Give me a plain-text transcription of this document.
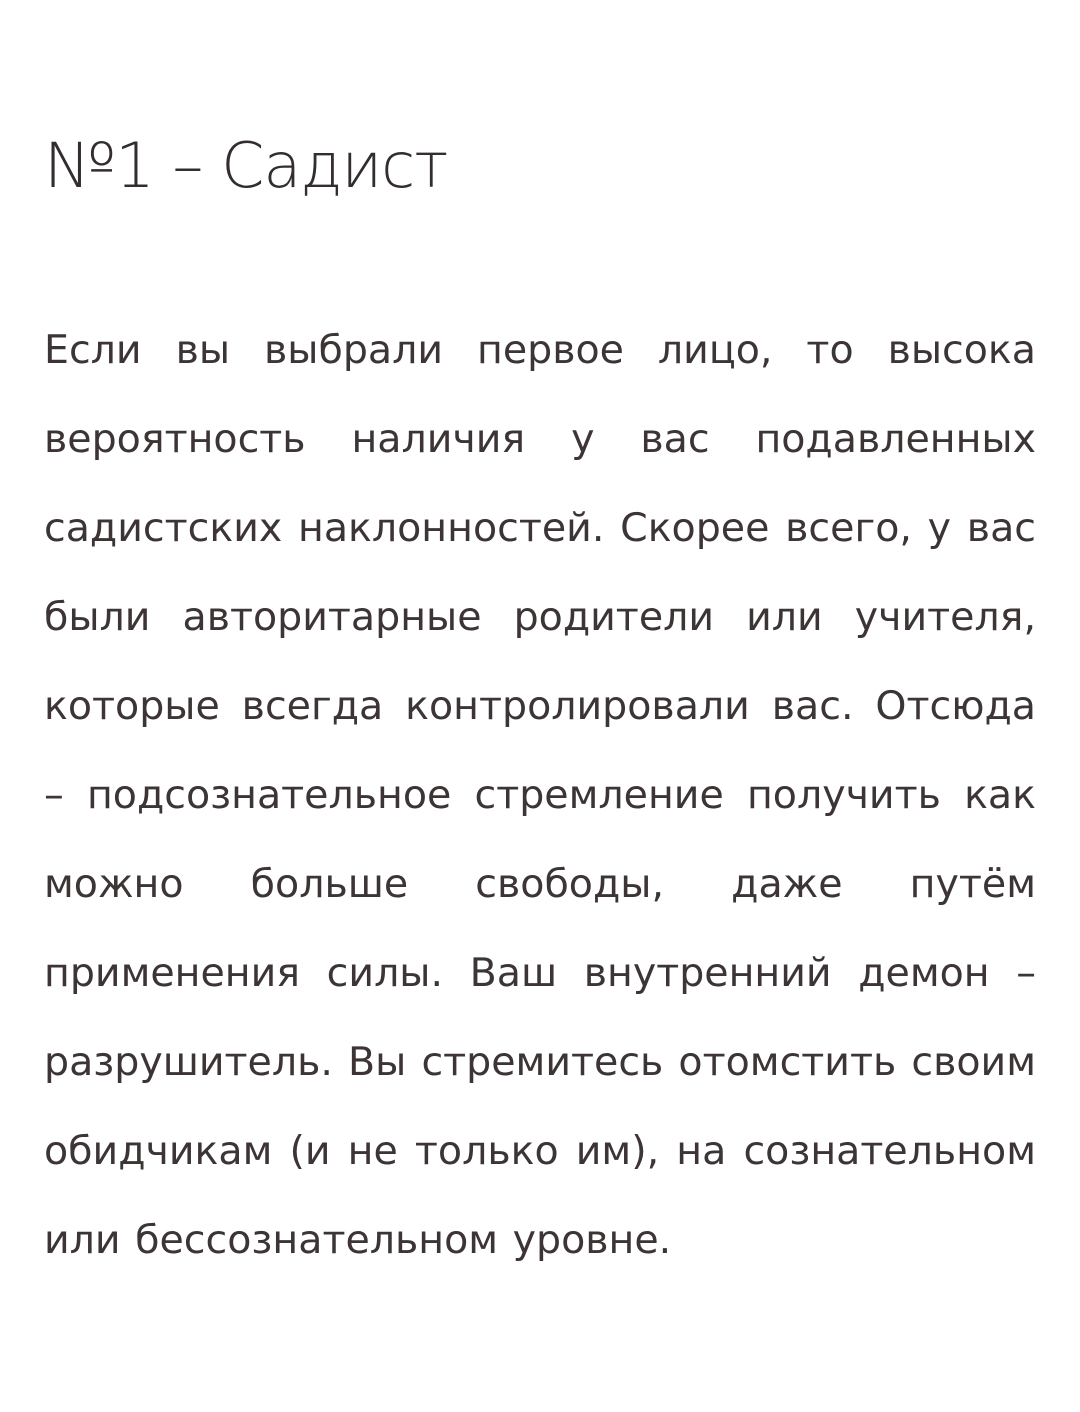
№1 – Садист

Если вы выбрали первое лицо, то высока вероятность наличия у вас подавленных садистских наклонностей. Скорее всего, у вас были авторитарные родители или учителя, которые всегда контролировали вас. Отсюда – подсознательное стремление получить как можно больше свободы, даже путём применения силы. Ваш внутренний демон – разрушитель. Вы стремитесь отомстить своим обидчикам (и не только им), на сознательном или бессознательном уровне.
